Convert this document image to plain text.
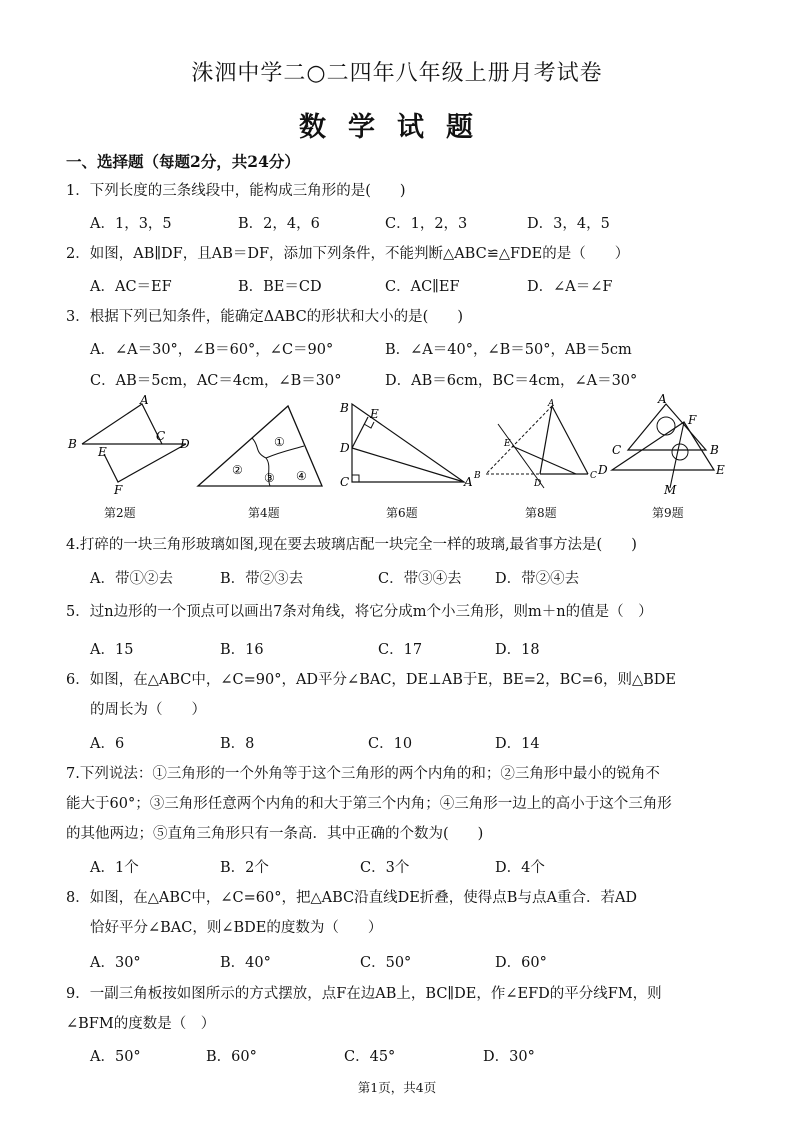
洙泗中学二○二四年八年级上册月考试卷
数学试题
一、选择题（每题2分，共24分）
1．下列长度的三条线段中，能构成三角形的是(　　)
A．1，3，5	B．2，4，6	C．1，2，3	D．3，4，5
2．如图，AB∥DF，且AB＝DF，添加下列条件，不能判断△ABC≌△FDE的是（　　）
A．AC＝EF	B．BE＝CD	C．AC∥EF	D．∠A＝∠F
3．根据下列已知条件，能确定ΔABC的形状和大小的是(　　)
A．∠A＝30°，∠B＝60°，∠C＝90°	B．∠A＝40°，∠B＝50°，AB＝5cm
C．AB＝5cm，AC＝4cm，∠B＝30°	D．AB＝6cm，BC＝4cm，∠A＝30°
A
B
C
D
E
F
①
②
③ ④
B E
D
C	A
A
E
B
D
C
A
F
C	B
D	E
M
第2题	第4题	第6题	第8题	第9题
4.打碎的一块三角形玻璃如图,现在要去玻璃店配一块完全一样的玻璃,最省事方法是(　　)
A．带①②去	B．带②③去	C．带③④去 D．带②④去
5．过n边形的一个顶点可以画出7条对角线，将它分成m个小三角形，则m＋n的值是（　）
A．15	B．16	C．17	D．18
6．如图，在△ABC中，∠C=90°，AD平分∠BAC，DE⊥AB于E，BE=2，BC=6，则△BDE
的周长为（　　）
A．6	B．8	C．10	D．14
7.下列说法：①三角形的一个外角等于这个三角形的两个内角的和；②三角形中最小的锐角不
能大于60°；③三角形任意两个内角的和大于第三个内角；④三角形一边上的高小于这个三角形
的其他两边；⑤直角三角形只有一条高．其中正确的个数为(　　)
A．1个	B．2个	C．3个	D．4个
8．如图，在△ABC中，∠C=60°，把△ABC沿直线DE折叠，使得点B与点A重合．若AD
恰好平分∠BAC，则∠BDE的度数为（　　）
A．30°	B．40°	C．50°	D．60°
9．一副三角板按如图所示的方式摆放，点F在边AB上，BC∥DE，作∠EFD的平分线FM，则
∠BFM的度数是（　）
A．50°	B．60°	C．45°	D．30°
第1页，共4页
